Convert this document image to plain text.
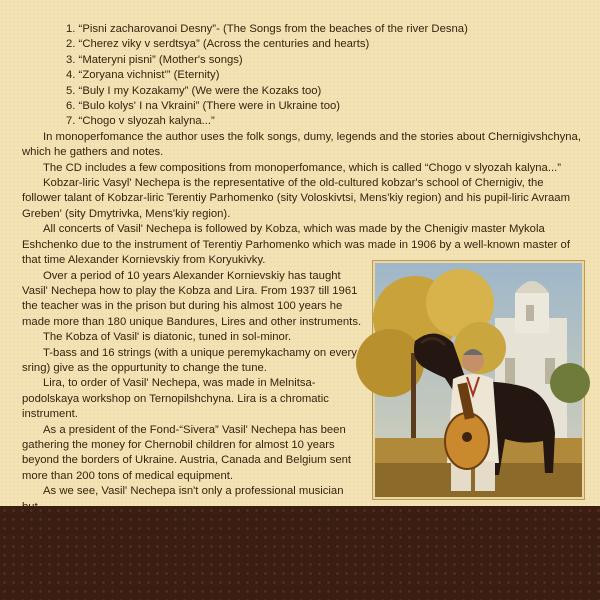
1. “Pisni zacharovanoi Desny”- (The Songs from the beaches of the river Desna)
2. “Cherez viky v serdtsya” (Across the centuries and hearts)
3. “Materyni pisni” (Mother's songs)
4. “Zoryana vichnist'” (Eternity)
5. “Buly I my Kozakamy” (We were the Kozaks too)
6. “Bulo kolys' I na Vkraini” (There were in Ukraine too)
7. “Chogo v slyozah kalyna...”

In monoperfomance the author uses the folk songs, dumy, legends and the stories about Chernigivshchyna, which he gathers and notes.

The CD includes a few compositions from monoperfomance, which is called “Chogo v slyozah kalyna...”

Kobzar-liric Vasyl' Nechepa is the representative of the old-cultured kobzar's school of Chernigiv, the follower talant of Kobzar-liric Terentiy Parhomenko (sity Voloskivtsi, Mens'kiy region) and his pupil-liric Avraam Greben' (sity Dmytrivka, Mens'kiy region).

All concerts of Vasil' Nechepa is followed by Kobza, which was made by the Chenigiv master Mykola Eshchenko due to the instrument of Terentiy Parhomenko which was made in 1906 by a well-known master of that time Alexander Kornievskiy from Koryukivky.

Over a period of 10 years Alexander Kornievskiy has taught Vasil' Nechepa how to play the Kobza and Lira. From 1937 till 1961 the teacher was in the prison but during his almost 100 years he made more than 180 unique Bandures, Lires and other instruments.

The Kobza of Vasil' is diatonic, tuned in sol-minor.

T-bass and 16 strings (with a unique peremykachamy on every sring) give as the oppurtunity to change the tune.

Lira, to order of Vasil' Nechepa, was made in Melnitsa-podolskaya workshop on Ternopilshchyna. Lira is a chromatic instrument.

As a president of the Fond-“Sivera” Vasil' Nechepa has been gathering the money for Chernobil children for almost 10 years beyond the borders of Ukraine. Austria, Canada and Belgium sent more than 200 tons of medical equipment.

As we see, Vasil' Nechepa isn't only a professional musician
